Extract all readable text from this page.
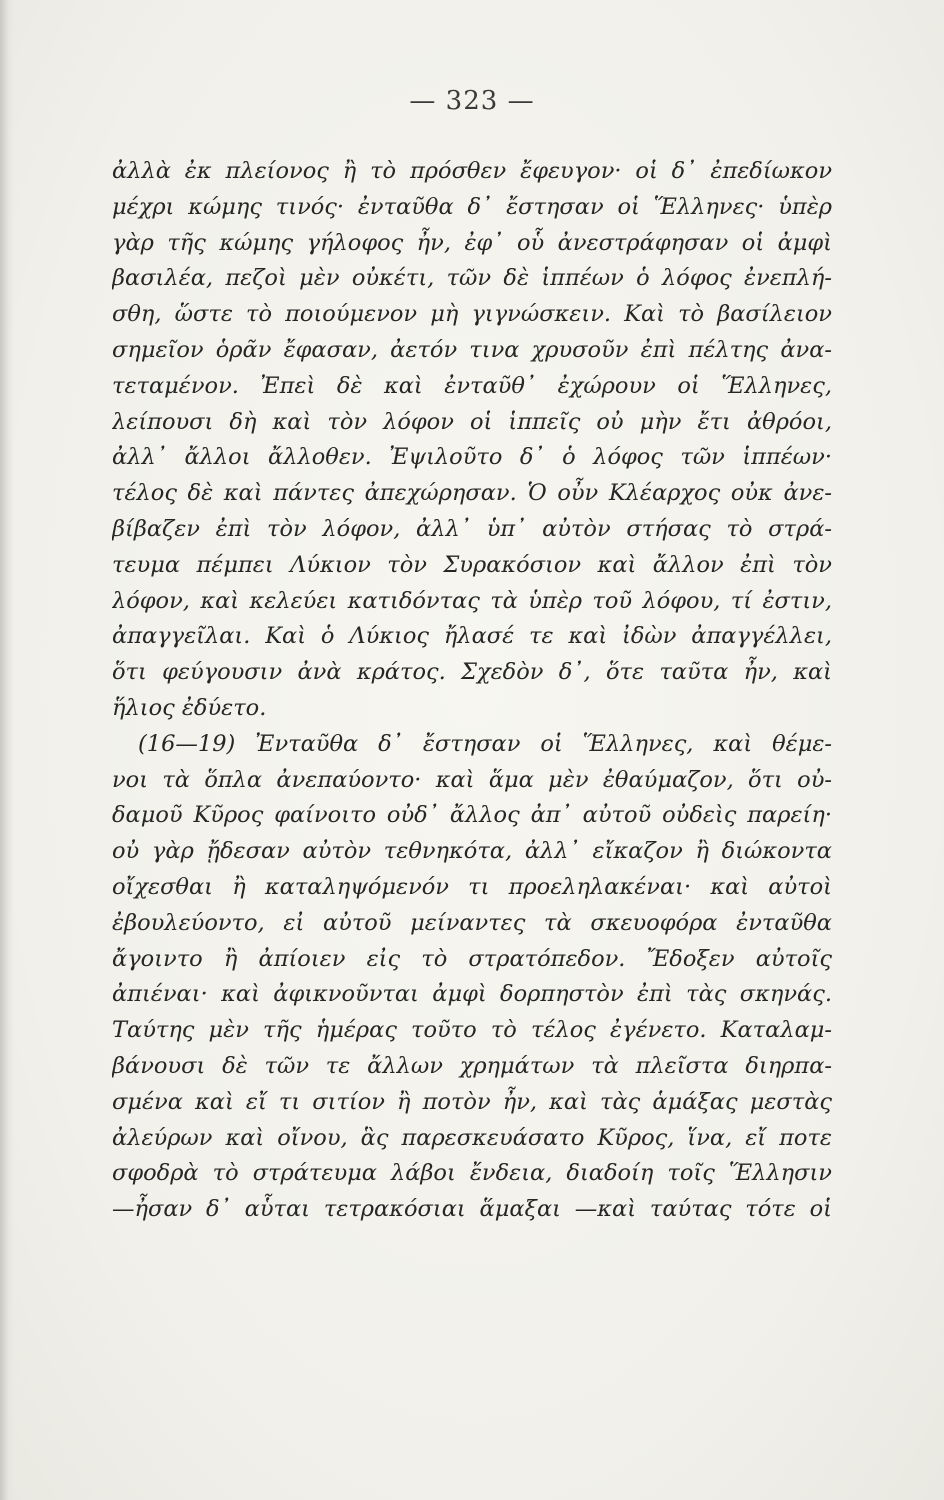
— 323 —
ἀλλὰ ἐκ πλείονος ἢ τὸ πρόσθεν ἔφευγον· οἱ δ᾿ ἐπεδίωκον
μέχρι κώμης τινός· ἐνταῦθα δ᾿ ἔστησαν οἱ Ἕλληνες· ὑπὲρ
γὰρ τῆς κώμης γήλοφος ἦν, ἐφ᾿ οὗ ἀνεστράφησαν οἱ ἀμφὶ
βασιλέα, πεζοὶ μὲν οὐκέτι, τῶν δὲ ἱππέων ὁ λόφος ἐνεπλή-
σθη, ὥστε τὸ ποιούμενον μὴ γιγνώσκειν. Καὶ τὸ βασίλειον
σημεῖον ὁρᾶν ἔφασαν, ἀετόν τινα χρυσοῦν ἐπὶ πέλτης ἀνα-
τεταμένον. Ἐπεὶ δὲ καὶ ἐνταῦθ᾿ ἐχώρουν οἱ Ἕλληνες,
λείπουσι δὴ καὶ τὸν λόφον οἱ ἱππεῖς οὐ μὴν ἔτι ἀθρόοι,
ἀλλ᾿ ἄλλοι ἄλλοθεν. Ἐψιλοῦτο δ᾿ ὁ λόφος τῶν ἱππέων·
τέλος δὲ καὶ πάντες ἀπεχώρησαν. Ὁ οὖν Κλέαρχος οὐκ ἀνε-
βίβαζεν ἐπὶ τὸν λόφον, ἀλλ᾿ ὑπ᾿ αὐτὸν στήσας τὸ στρά-
τευμα πέμπει Λύκιον τὸν Συρακόσιον καὶ ἄλλον ἐπὶ τὸν
λόφον, καὶ κελεύει κατιδόντας τὰ ὑπὲρ τοῦ λόφου, τί ἐστιν,
ἀπαγγεῖλαι. Καὶ ὁ Λύκιος ἤλασέ τε καὶ ἰδὼν ἀπαγγέλλει,
ὅτι φεύγουσιν ἀνὰ κράτος. Σχεδὸν δ᾿, ὅτε ταῦτα ἦν, καὶ
ἥλιος ἐδύετο.
(16—19) Ἐνταῦθα δ᾿ ἔστησαν οἱ Ἕλληνες, καὶ θέμε-
νοι τὰ ὅπλα ἀνεπαύοντο· καὶ ἅμα μὲν ἐθαύμαζον, ὅτι οὐ-
δαμοῦ Κῦρος φαίνοιτο οὐδ᾿ ἄλλος ἀπ᾿ αὐτοῦ οὐδεὶς παρείη·
οὐ γὰρ ᾔδεσαν αὐτὸν τεθνηκότα, ἀλλ᾿ εἴκαζον ἢ διώκοντα
οἴχεσθαι ἢ καταληψόμενόν τι προεληλακέναι· καὶ αὐτοὶ
ἐβουλεύοντο, εἰ αὐτοῦ μείναντες τὰ σκευοφόρα ἐνταῦθα
ἄγοιντο ἢ ἀπίοιεν εἰς τὸ στρατόπεδον. Ἔδοξεν αὐτοῖς
ἀπιέναι· καὶ ἀφικνοῦνται ἀμφὶ δορπηστὸν ἐπὶ τὰς σκηνάς.
Ταύτης μὲν τῆς ἡμέρας τοῦτο τὸ τέλος ἐγένετο. Καταλαμ-
βάνουσι δὲ τῶν τε ἄλλων χρημάτων τὰ πλεῖστα διηρπα-
σμένα καὶ εἴ τι σιτίον ἢ ποτὸν ἦν, καὶ τὰς ἁμάξας μεστὰς
ἀλεύρων καὶ οἴνου, ἃς παρεσκευάσατο Κῦρος, ἵνα, εἴ ποτε
σφοδρὰ τὸ στράτευμα λάβοι ἔνδεια, διαδοίη τοῖς Ἕλλησιν
—ἦσαν δ᾿ αὗται τετρακόσιαι ἅμαξαι —καὶ ταύτας τότε οἱ
